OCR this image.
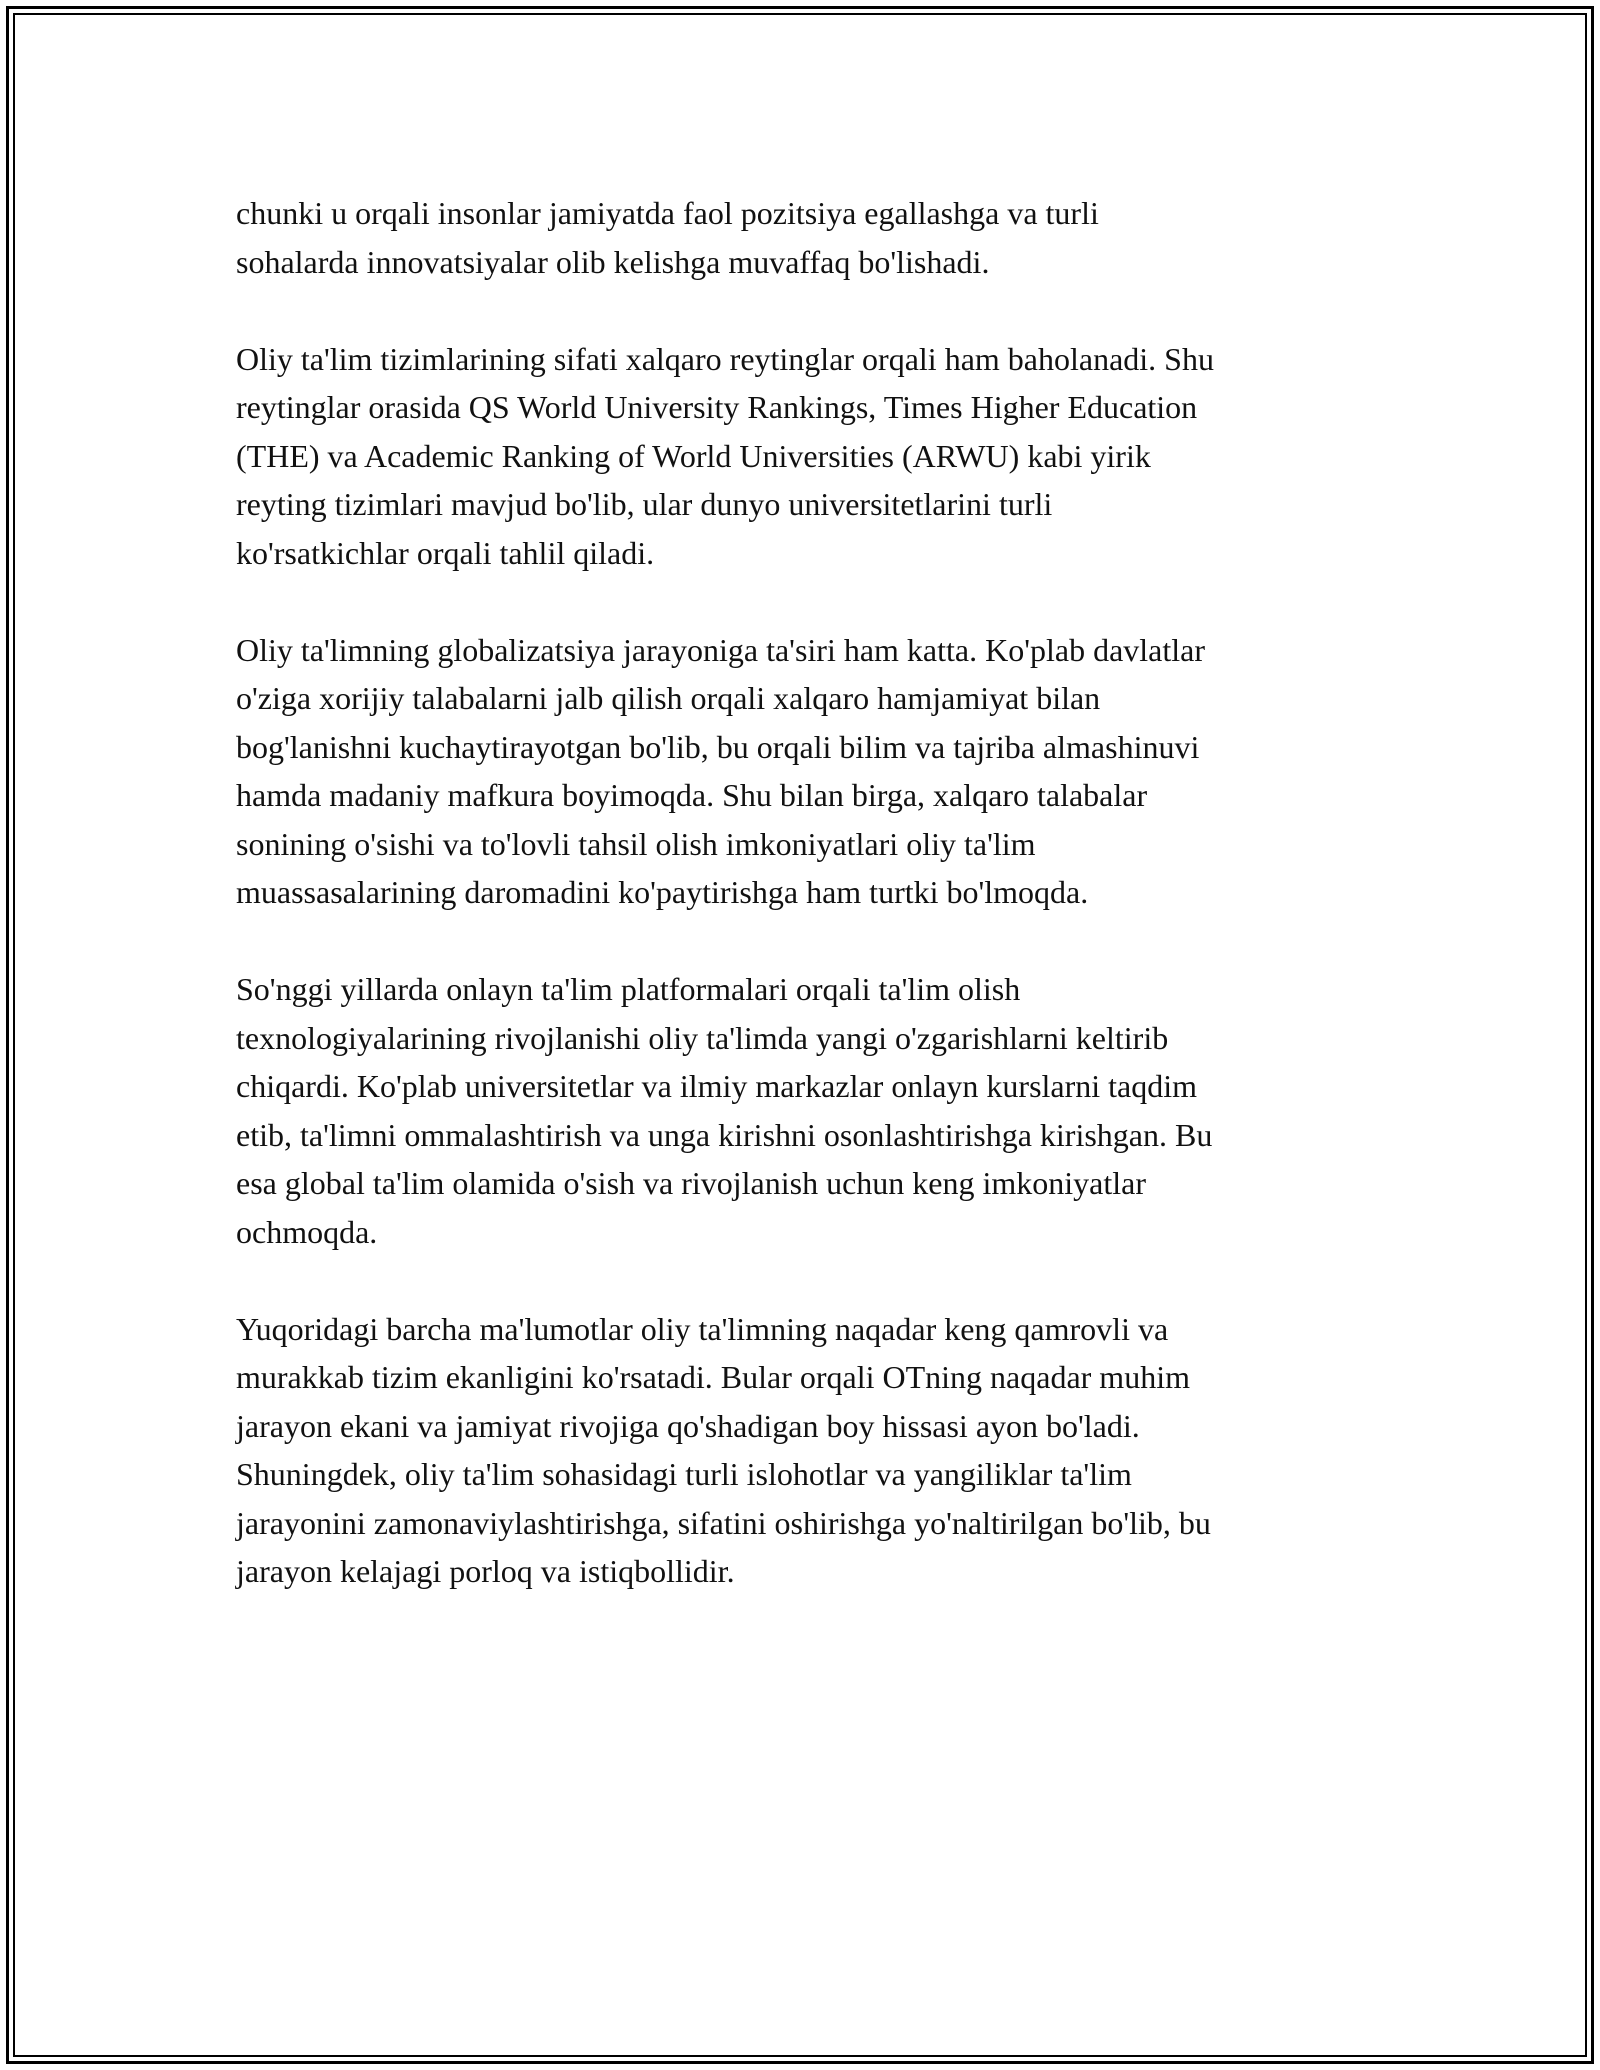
chunki u orqali insonlar jamiyatda faol pozitsiya egallashga va turli
sohalarda innovatsiyalar olib kelishga muvaffaq bo'lishadi.

Oliy ta'lim tizimlarining sifati xalqaro reytinglar orqali ham baholanadi. Shu
reytinglar orasida QS World University Rankings, Times Higher Education
(THE) va Academic Ranking of World Universities (ARWU) kabi yirik
reyting tizimlari mavjud bo'lib, ular dunyo universitetlarini turli
ko'rsatkichlar orqali tahlil qiladi.

Oliy ta'limning globalizatsiya jarayoniga ta'siri ham katta. Ko'plab davlatlar
o'ziga xorijiy talabalarni jalb qilish orqali xalqaro hamjamiyat bilan
bog'lanishni kuchaytirayotgan bo'lib, bu orqali bilim va tajriba almashinuvi
hamda madaniy mafkura boyimoqda. Shu bilan birga, xalqaro talabalar
sonining o'sishi va to'lovli tahsil olish imkoniyatlari oliy ta'lim
muassasalarining daromadini ko'paytirishga ham turtki bo'lmoqda.

So'nggi yillarda onlayn ta'lim platformalari orqali ta'lim olish
texnologiyalarining rivojlanishi oliy ta'limda yangi o'zgarishlarni keltirib
chiqardi. Ko'plab universitetlar va ilmiy markazlar onlayn kurslarni taqdim
etib, ta'limni ommalashtirish va unga kirishni osonlashtirishga kirishgan. Bu
esa global ta'lim olamida o'sish va rivojlanish uchun keng imkoniyatlar
ochmoqda.

Yuqoridagi barcha ma'lumotlar oliy ta'limning naqadar keng qamrovli va
murakkab tizim ekanligini ko'rsatadi. Bular orqali OTning naqadar muhim
jarayon ekani va jamiyat rivojiga qo'shadigan boy hissasi ayon bo'ladi.
Shuningdek, oliy ta'lim sohasidagi turli islohotlar va yangiliklar ta'lim
jarayonini zamonaviylashtirishga, sifatini oshirishga yo'naltirilgan bo'lib, bu
jarayon kelajagi porloq va istiqbollidir.
